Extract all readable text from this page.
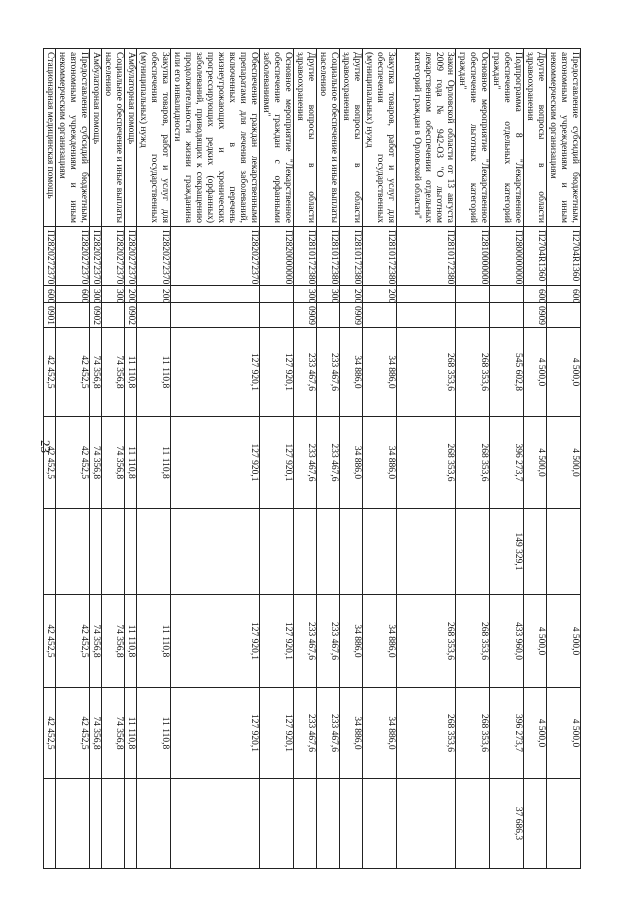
23
Предоставление субсидий бюджетным, автономным учреждениям и иным некоммерческим организациям	П2704R1360	600		4 500,0	4 500,0		4 500,0	4 500,0	
Другие вопросы в области здравоохранения	П2704R1360	600	0909	4 500,0	4 500,0		4 500,0	4 500,0	
Подпрограмма 8 "Лекарственное обеспечение отдельных категорий граждан"	П2800000000			545 602,8	396 273,7	149 329,1	433 960,0	396 273,7	37 686,3
Основное мероприятие "Лекарственное обеспечение льготных категорий граждан"	П2810000000			268 353,6	268 353,6		268 353,6	268 353,6	
Закон Орловской области от 13 августа 2009 года № 942-ОЗ "О льготном лекарственном обеспечении отдельных категорий граждан в Орловской области"	П2810172380			268 353,6	268 353,6		268 353,6	268 353,6	
Закупка товаров, работ и услуг для обеспечения государственных (муниципальных) нужд	П2810172380	200		34 886,0	34 886,0		34 886,0	34 886,0	
Другие вопросы в области здравоохранения	П2810172380	200	0909	34 886,0	34 886,0		34 886,0	34 886,0	
Социальное обеспечение и иные выплаты населению	П2810172380	300		233 467,6	233 467,6		233 467,6	233 467,6	
Другие вопросы в области здравоохранения	П2810172380	300	0909	233 467,6	233 467,6		233 467,6	233 467,6	
Основное мероприятие "Лекарственное обеспечение граждан с орфанными заболеваниями"	П2820000000			127 920,1	127 920,1		127 920,1	127 920,1	
Обеспечение граждан лекарственными препаратами для лечения заболеваний, включенных в перечень жизнеугрожающих и хронических прогрессирующих редких (орфанных) заболеваний, приводящих к сокращению продолжительности жизни гражданина или его инвалидности	П2820272370			127 920,1	127 920,1		127 920,1	127 920,1	
Закупка товаров, работ и услуг для обеспечения государственных (муниципальных) нужд	П2820272370	200		11 110,8	11 110,8		11 110,8	11 110,8	
Амбулаторная помощь	П2820272370	200	0902	11 110,8	11 110,8		11 110,8	11 110,8	
Социальное обеспечение и иные выплаты населению	П2820272370	300		74 356,8	74 356,8		74 356,8	74 356,8	
Амбулаторная помощь	П2820272370	300	0902	74 356,8	74 356,8		74 356,8	74 356,8	
Предоставление субсидий бюджетным, автономным учреждениям и иным некоммерческим организациям	П2820272370	600		42 452,5	42 452,5		42 452,5	42 452,5	
Стационарная медицинская помощь	П2820272370	600	0901	42 452,5	42 452,5		42 452,5	42 452,5	
